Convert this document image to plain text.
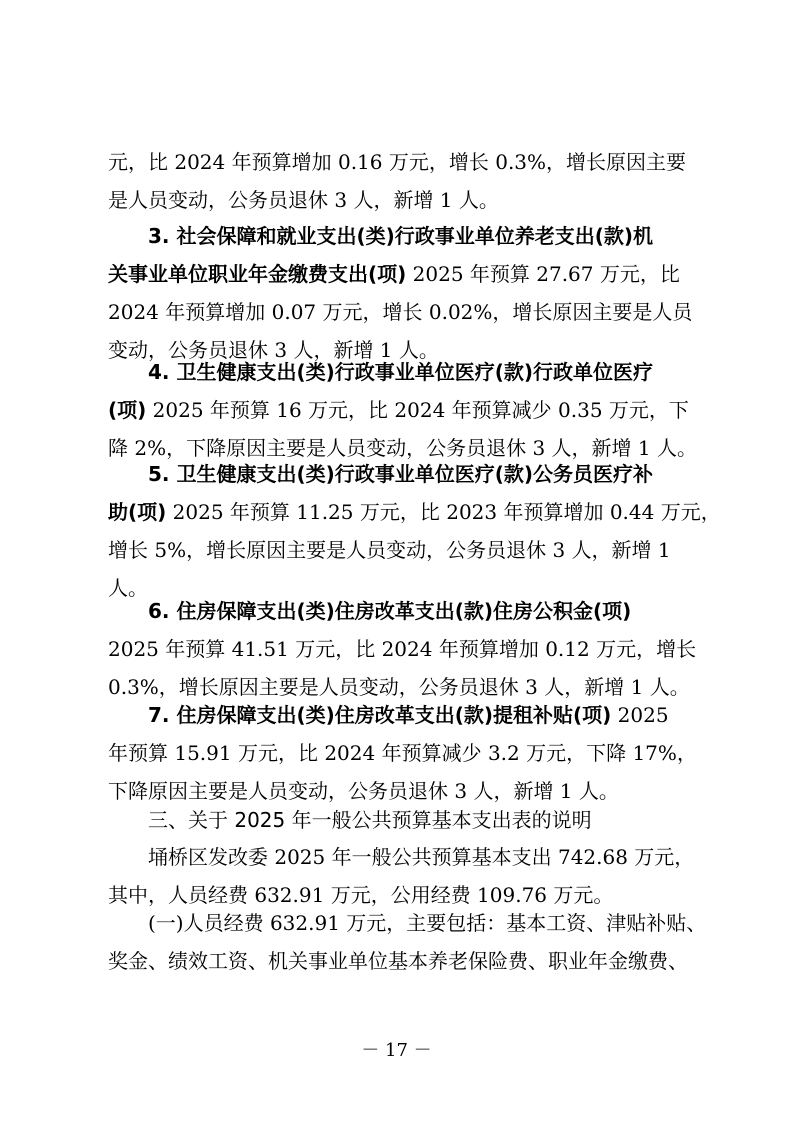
元，比 2024 年预算增加 0.16 万元，增长 0.3%，增长原因主要
是人员变动，公务员退休 3 人，新增 1 人。
3. 社会保障和就业支出(类)行政事业单位养老支出(款)机
关事业单位职业年金缴费支出(项) 2025 年预算 27.67 万元，比
2024 年预算增加 0.07 万元，增长 0.02%，增长原因主要是人员
变动，公务员退休 3 人，新增 1 人。
4. 卫生健康支出(类)行政事业单位医疗(款)行政单位医疗
(项) 2025 年预算 16 万元，比 2024 年预算减少 0.35 万元，下
降 2%，下降原因主要是人员变动，公务员退休 3 人，新增 1 人。
5. 卫生健康支出(类)行政事业单位医疗(款)公务员医疗补
助(项) 2025 年预算 11.25 万元，比 2023 年预算增加 0.44 万元，
增长 5%，增长原因主要是人员变动，公务员退休 3 人，新增 1
人。
6. 住房保障支出(类)住房改革支出(款)住房公积金(项)
2025 年预算 41.51 万元，比 2024 年预算增加 0.12 万元，增长
0.3%，增长原因主要是人员变动，公务员退休 3 人，新增 1 人。
7. 住房保障支出(类)住房改革支出(款)提租补贴(项) 2025
年预算 15.91 万元，比 2024 年预算减少 3.2 万元，下降 17%，
下降原因主要是人员变动，公务员退休 3 人，新增 1 人。
三、关于 2025 年一般公共预算基本支出表的说明
埇桥区发改委 2025 年一般公共预算基本支出 742.68 万元，
其中，人员经费 632.91 万元，公用经费 109.76 万元。
(一)人员经费 632.91 万元，主要包括：基本工资、津贴补贴、
奖金、绩效工资、机关事业单位基本养老保险费、职业年金缴费、
－ 17 －
